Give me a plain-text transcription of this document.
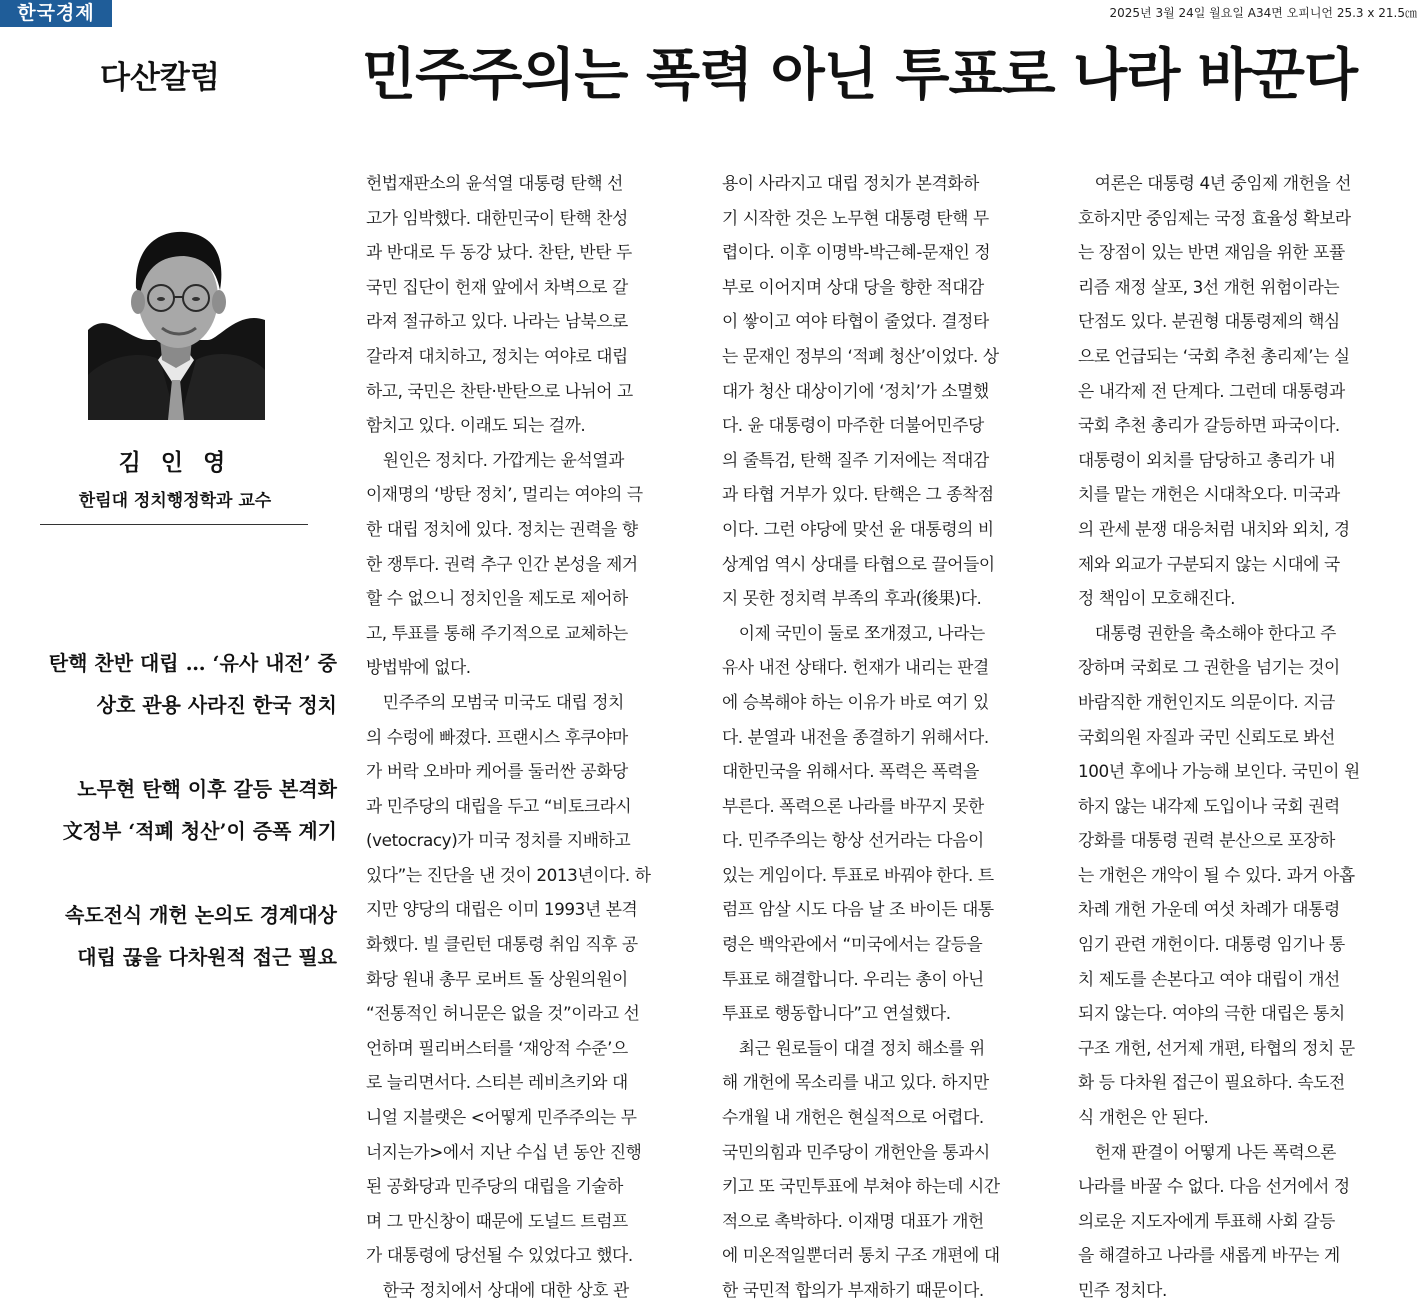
한국경제	2025년 3월 24일 월요일 A34면 오피니언 25.3 x 21.5㎝
다산칼럼	민주주의는 폭력 아닌 투표로 나라 바꾼다
김 인 영
한림대 정치행정학과 교수
탄핵 찬반 대립 … ‘유사 내전’ 중
상호 관용 사라진 한국 정치
노무현 탄핵 이후 갈등 본격화
文정부 ‘적폐 청산’이 증폭 계기
속도전식 개헌 논의도 경계대상
대립 끊을 다차원적 접근 필요
헌법재판소의 윤석열 대통령 탄핵 선
고가 임박했다. 대한민국이 탄핵 찬성
과 반대로 두 동강 났다. 찬탄, 반탄 두
국민 집단이 헌재 앞에서 차벽으로 갈
라져 절규하고 있다. 나라는 남북으로
갈라져 대치하고, 정치는 여야로 대립
하고, 국민은 찬탄·반탄으로 나뉘어 고
함치고 있다. 이래도 되는 걸까.
원인은 정치다. 가깝게는 윤석열과
이재명의 ‘방탄 정치’, 멀리는 여야의 극
한 대립 정치에 있다. 정치는 권력을 향
한 쟁투다. 권력 추구 인간 본성을 제거
할 수 없으니 정치인을 제도로 제어하
고, 투표를 통해 주기적으로 교체하는
방법밖에 없다.
민주주의 모범국 미국도 대립 정치
의 수렁에 빠졌다. 프랜시스 후쿠야마
가 버락 오바마 케어를 둘러싼 공화당
과 민주당의 대립을 두고 “비토크라시
(vetocracy)가 미국 정치를 지배하고
있다”는 진단을 낸 것이 2013년이다. 하
지만 양당의 대립은 이미 1993년 본격
화했다. 빌 클린턴 대통령 취임 직후 공
화당 원내 총무 로버트 돌 상원의원이
“전통적인 허니문은 없을 것”이라고 선
언하며 필리버스터를 ‘재앙적 수준’으
로 늘리면서다. 스티븐 레비츠키와 대
니얼 지블랫은 <어떻게 민주주의는 무
너지는가>에서 지난 수십 년 동안 진행
된 공화당과 민주당의 대립을 기술하
며 그 만신창이 때문에 도널드 트럼프
가 대통령에 당선될 수 있었다고 했다.
한국 정치에서 상대에 대한 상호 관
용이 사라지고 대립 정치가 본격화하
기 시작한 것은 노무현 대통령 탄핵 무
렵이다. 이후 이명박-박근혜-문재인 정
부로 이어지며 상대 당을 향한 적대감
이 쌓이고 여야 타협이 줄었다. 결정타
는 문재인 정부의 ‘적폐 청산’이었다. 상
대가 청산 대상이기에 ‘정치’가 소멸했
다. 윤 대통령이 마주한 더불어민주당
의 줄특검, 탄핵 질주 기저에는 적대감
과 타협 거부가 있다. 탄핵은 그 종착점
이다. 그런 야당에 맞선 윤 대통령의 비
상계엄 역시 상대를 타협으로 끌어들이
지 못한 정치력 부족의 후과(後果)다.
이제 국민이 둘로 쪼개졌고, 나라는
유사 내전 상태다. 헌재가 내리는 판결
에 승복해야 하는 이유가 바로 여기 있
다. 분열과 내전을 종결하기 위해서다.
대한민국을 위해서다. 폭력은 폭력을
부른다. 폭력으론 나라를 바꾸지 못한
다. 민주주의는 항상 선거라는 다음이
있는 게임이다. 투표로 바꿔야 한다. 트
럼프 암살 시도 다음 날 조 바이든 대통
령은 백악관에서 “미국에서는 갈등을
투표로 해결합니다. 우리는 총이 아닌
투표로 행동합니다”고 연설했다.
최근 원로들이 대결 정치 해소를 위
해 개헌에 목소리를 내고 있다. 하지만
수개월 내 개헌은 현실적으로 어렵다.
국민의힘과 민주당이 개헌안을 통과시
키고 또 국민투표에 부쳐야 하는데 시간
적으로 촉박하다. 이재명 대표가 개헌
에 미온적일뿐더러 통치 구조 개편에 대
한 국민적 합의가 부재하기 때문이다.
여론은 대통령 4년 중임제 개헌을 선
호하지만 중임제는 국정 효율성 확보라
는 장점이 있는 반면 재임을 위한 포퓰
리즘 재정 살포, 3선 개헌 위험이라는
단점도 있다. 분권형 대통령제의 핵심
으로 언급되는 ‘국회 추천 총리제’는 실
은 내각제 전 단계다. 그런데 대통령과
국회 추천 총리가 갈등하면 파국이다.
대통령이 외치를 담당하고 총리가 내
치를 맡는 개헌은 시대착오다. 미국과
의 관세 분쟁 대응처럼 내치와 외치, 경
제와 외교가 구분되지 않는 시대에 국
정 책임이 모호해진다.
대통령 권한을 축소해야 한다고 주
장하며 국회로 그 권한을 넘기는 것이
바람직한 개헌인지도 의문이다. 지금
국회의원 자질과 국민 신뢰도로 봐선
100년 후에나 가능해 보인다. 국민이 원
하지 않는 내각제 도입이나 국회 권력
강화를 대통령 권력 분산으로 포장하
는 개헌은 개악이 될 수 있다. 과거 아홉
차례 개헌 가운데 여섯 차례가 대통령
임기 관련 개헌이다. 대통령 임기나 통
치 제도를 손본다고 여야 대립이 개선
되지 않는다. 여야의 극한 대립은 통치
구조 개헌, 선거제 개편, 타협의 정치 문
화 등 다차원 접근이 필요하다. 속도전
식 개헌은 안 된다.
헌재 판결이 어떻게 나든 폭력으론
나라를 바꿀 수 없다. 다음 선거에서 정
의로운 지도자에게 투표해 사회 갈등
을 해결하고 나라를 새롭게 바꾸는 게
민주 정치다.
